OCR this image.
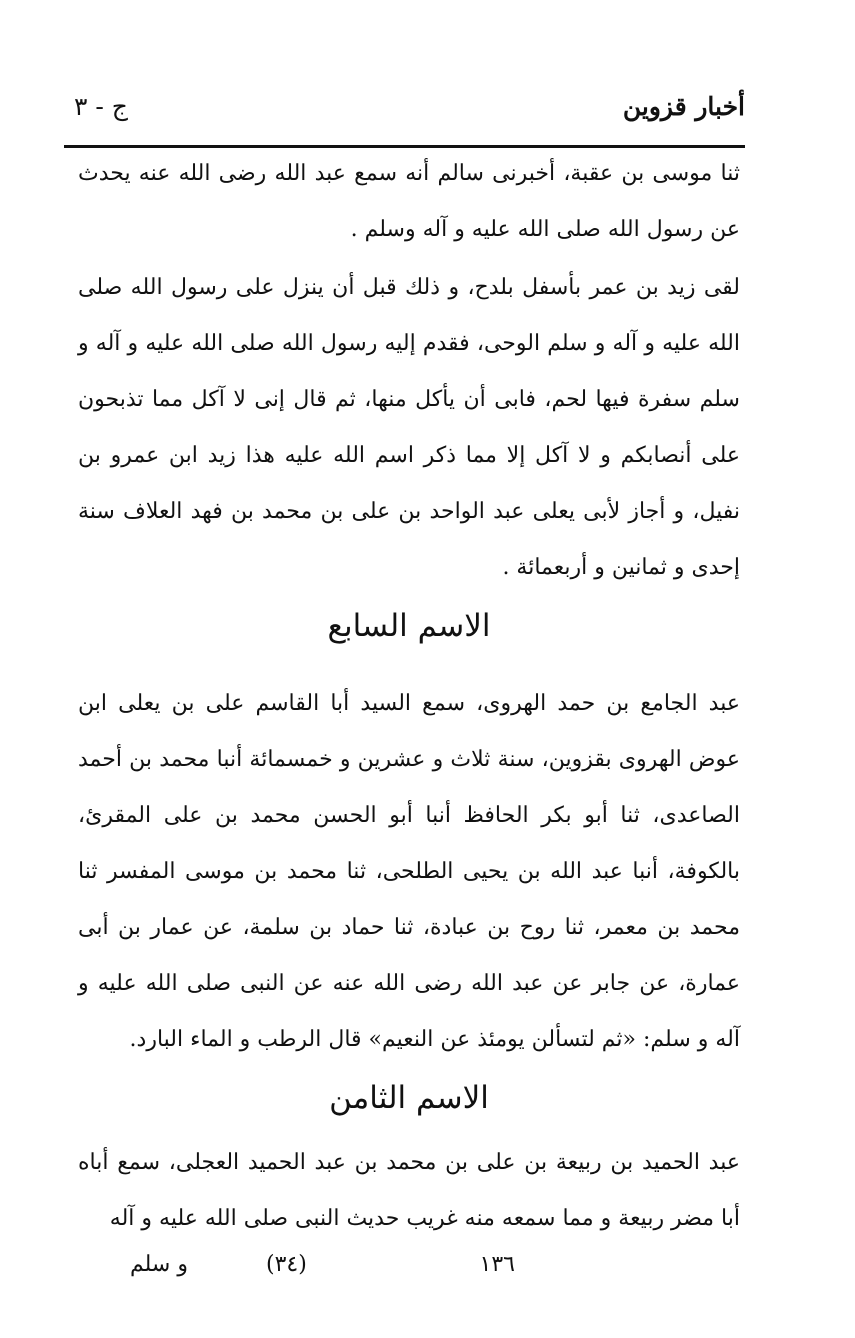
أخبار قزوين
ج - ٣

ثنا موسى بن عقبة، أخبرنى سالم أنه سمع عبد الله رضى الله عنه يحدث عن رسول الله صلى الله عليه و آله وسلم .

لقى زيد بن عمر بأسفل بلدح، و ذلك قبل أن ينزل على رسول الله صلى الله عليه و آله و سلم الوحى، فقدم إليه رسول الله صلى الله عليه و آله و سلم سفرة فيها لحم، فابى أن يأكل منها، ثم قال إنى لا آكل مما تذبحون على أنصابكم و لا آكل إلا مما ذكر اسم الله عليه هذا زيد ابن عمرو بن نفيل، و أجاز لأبى يعلى عبد الواحد بن على بن محمد بن فهد العلاف سنة إحدى و ثمانين و أربعمائة .

الاسم السابع

عبد الجامع بن حمد الهروى، سمع السيد أبا القاسم على بن يعلى ابن عوض الهروى بقزوين، سنة ثلاث و عشرين و خمسمائة أنبا محمد بن أحمد الصاعدى، ثنا أبو بكر الحافظ أنبا أبو الحسن محمد بن على المقرئ، بالكوفة، أنبا عبد الله بن يحيى الطلحى، ثنا محمد بن موسى المفسر ثنا محمد بن معمر، ثنا روح بن عبادة، ثنا حماد بن سلمة، عن عمار بن أبى عمارة، عن جابر عن عبد الله رضى الله عنه عن النبى صلى الله عليه و آله و سلم: «ثم لتسألن يومئذ عن النعيم» قال الرطب و الماء البارد.

الاسم الثامن

عبد الحميد بن ربيعة بن على بن محمد بن عبد الحميد العجلى، سمع أباه أبا مضر ربيعة و مما سمعه منه غريب حديث النبى صلى الله عليه و آله

١٣٦
(٣٤)
و سلم
